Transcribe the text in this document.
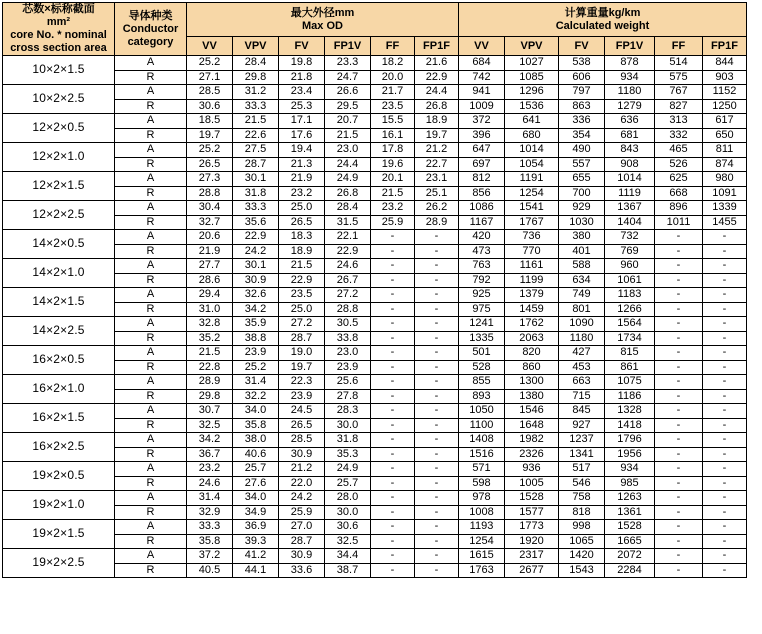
芯数×标称截面
mm²
core No. * nominal cross section area	导体种类
Conductor category	最大外径mm
Max OD						计算重量kg/km
Calculated weight					
		VV	VPV	FV	FP1V	FF	FP1F	VV	VPV	FV	FP1V	FF	FP1F
10×2×1.5	A	25.2	28.4	19.8	23.3	18.2	21.6	684	1027	538	878	514	844
	R	27.1	29.8	21.8	24.7	20.0	22.9	742	1085	606	934	575	903
10×2×2.5	A	28.5	31.2	23.4	26.6	21.7	24.4	941	1296	797	1180	767	1152
	R	30.6	33.3	25.3	29.5	23.5	26.8	1009	1536	863	1279	827	1250
12×2×0.5	A	18.5	21.5	17.1	20.7	15.5	18.9	372	641	336	636	313	617
	R	19.7	22.6	17.6	21.5	16.1	19.7	396	680	354	681	332	650
12×2×1.0	A	25.2	27.5	19.4	23.0	17.8	21.2	647	1014	490	843	465	811
	R	26.5	28.7	21.3	24.4	19.6	22.7	697	1054	557	908	526	874
12×2×1.5	A	27.3	30.1	21.9	24.9	20.1	23.1	812	1191	655	1014	625	980
	R	28.8	31.8	23.2	26.8	21.5	25.1	856	1254	700	1119	668	1091
12×2×2.5	A	30.4	33.3	25.0	28.4	23.2	26.2	1086	1541	929	1367	896	1339
	R	32.7	35.6	26.5	31.5	25.9	28.9	1167	1767	1030	1404	1011	1455
14×2×0.5	A	20.6	22.9	18.3	22.1	-	-	420	736	380	732	-	-
	R	21.9	24.2	18.9	22.9	-	-	473	770	401	769	-	-
14×2×1.0	A	27.7	30.1	21.5	24.6	-	-	763	1161	588	960	-	-
	R	28.6	30.9	22.9	26.7	-	-	792	1199	634	1061	-	-
14×2×1.5	A	29.4	32.6	23.5	27.2	-	-	925	1379	749	1183	-	-
	R	31.0	34.2	25.0	28.8	-	-	975	1459	801	1266	-	-
14×2×2.5	A	32.8	35.9	27.2	30.5	-	-	1241	1762	1090	1564	-	-
	R	35.2	38.8	28.7	33.8	-	-	1335	2063	1180	1734	-	-
16×2×0.5	A	21.5	23.9	19.0	23.0	-	-	501	820	427	815	-	-
	R	22.8	25.2	19.7	23.9	-	-	528	860	453	861	-	-
16×2×1.0	A	28.9	31.4	22.3	25.6	-	-	855	1300	663	1075	-	-
	R	29.8	32.2	23.9	27.8	-	-	893	1380	715	1186	-	-
16×2×1.5	A	30.7	34.0	24.5	28.3	-	-	1050	1546	845	1328	-	-
	R	32.5	35.8	26.5	30.0	-	-	1100	1648	927	1418	-	-
16×2×2.5	A	34.2	38.0	28.5	31.8	-	-	1408	1982	1237	1796	-	-
	R	36.7	40.6	30.9	35.3	-	-	1516	2326	1341	1956	-	-
19×2×0.5	A	23.2	25.7	21.2	24.9	-	-	571	936	517	934	-	-
	R	24.6	27.6	22.0	25.7	-	-	598	1005	546	985	-	-
19×2×1.0	A	31.4	34.0	24.2	28.0	-	-	978	1528	758	1263	-	-
	R	32.9	34.9	25.9	30.0	-	-	1008	1577	818	1361	-	-
19×2×1.5	A	33.3	36.9	27.0	30.6	-	-	1193	1773	998	1528	-	-
	R	35.8	39.3	28.7	32.5	-	-	1254	1920	1065	1665	-	-
19×2×2.5	A	37.2	41.2	30.9	34.4	-	-	1615	2317	1420	2072	-	-
	R	40.5	44.1	33.6	38.7	-	-	1763	2677	1543	2284	-	-
